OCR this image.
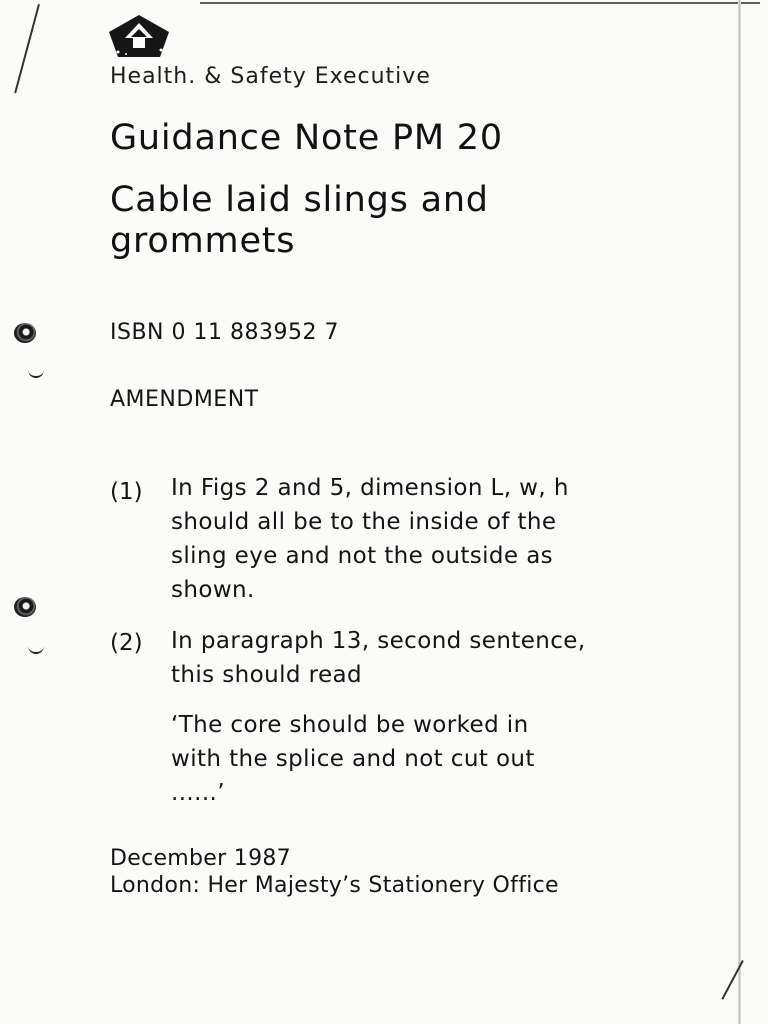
Health. & Safety Executive
Guidance Note PM 20
Cable laid slings and
grommets
ISBN 0 11 883952 7
AMENDMENT
(1) In Figs 2 and 5, dimension L, w, h
should all be to the inside of the
sling eye and not the outside as
shown.
(2) In paragraph 13, second sentence,
this should read
‘The core should be worked in
with the splice and not cut out
......’
December 1987
London: Her Majesty’s Stationery Office
